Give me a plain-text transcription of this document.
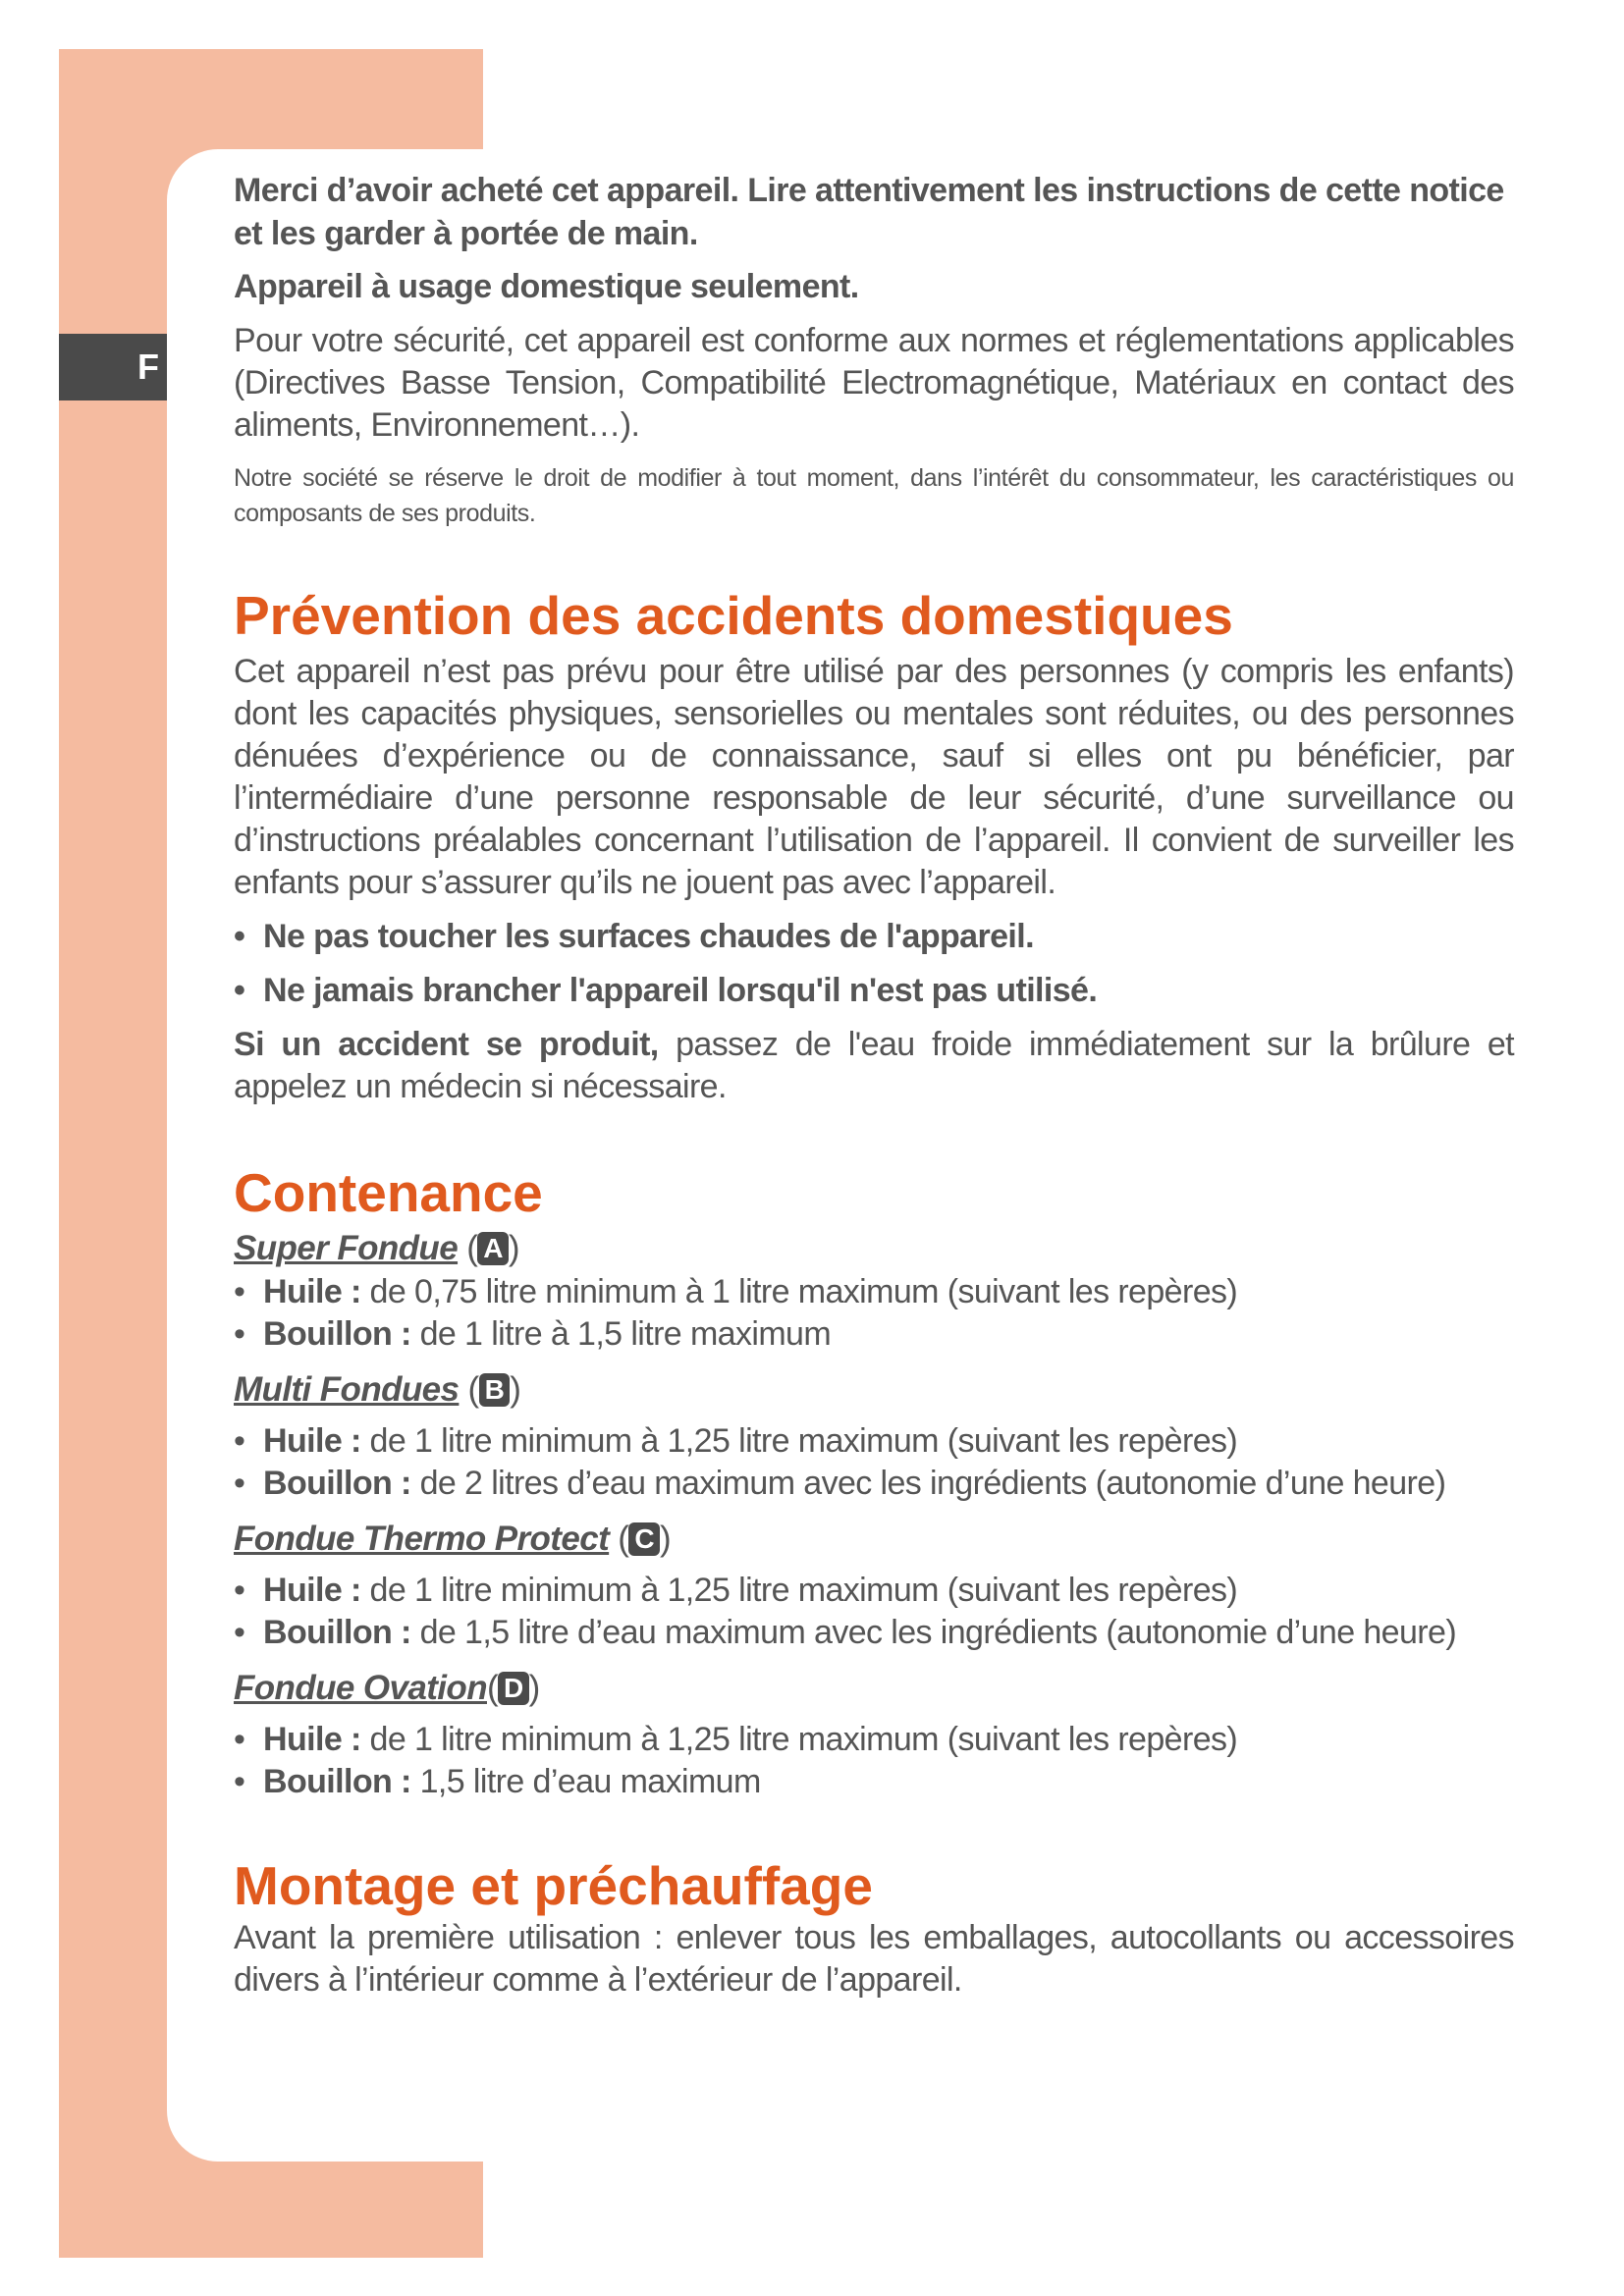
F

Merci d’avoir acheté cet appareil. Lire attentivement les instructions de cette notice et les garder à portée de main.

Appareil à usage domestique seulement.

Pour votre sécurité, cet appareil est conforme aux normes et réglementations applicables (Directives Basse Tension, Compatibilité Electromagnétique, Matériaux en contact des aliments, Environnement…).

Notre société se réserve le droit de modifier à tout moment, dans l’intérêt du consommateur, les caractéristiques ou composants de ses produits.

Prévention des accidents domestiques

Cet appareil n’est pas prévu pour être utilisé par des personnes (y compris les enfants) dont les capacités physiques, sensorielles ou mentales sont réduites, ou des personnes dénuées d’expérience ou de connaissance, sauf si elles ont pu bénéficier, par l’intermédiaire d’une personne responsable de leur sécurité, d’une surveillance ou d’instructions préalables concernant l’utilisation de l’appareil. Il convient de surveiller les enfants pour s’assurer qu’ils ne jouent pas avec l’appareil.

• Ne pas toucher les surfaces chaudes de l'appareil.

• Ne jamais brancher l'appareil lorsqu'il n'est pas utilisé.

Si un accident se produit, passez de l'eau froide immédiatement sur la brûlure et appelez un médecin si nécessaire.

Contenance

Super Fondue ( A )

• Huile : de 0,75 litre minimum à 1 litre maximum (suivant les repères)

• Bouillon : de 1 litre à 1,5 litre maximum

Multi Fondues ( B )

• Huile : de 1 litre minimum à 1,25 litre maximum (suivant les repères)

• Bouillon : de 2 litres d’eau maximum avec les ingrédients (autonomie d’une heure)

Fondue Thermo Protect ( C )

• Huile : de 1 litre minimum à 1,25 litre maximum (suivant les repères)

• Bouillon : de 1,5 litre d’eau maximum avec les ingrédients (autonomie d’une heure)

Fondue Ovation( D )

• Huile : de 1 litre minimum à 1,25 litre maximum (suivant les repères)

• Bouillon : 1,5 litre d’eau maximum

Montage et préchauffage

Avant la première utilisation : enlever tous les emballages, autocollants ou accessoires divers à l’intérieur comme à l’extérieur de l’appareil.
